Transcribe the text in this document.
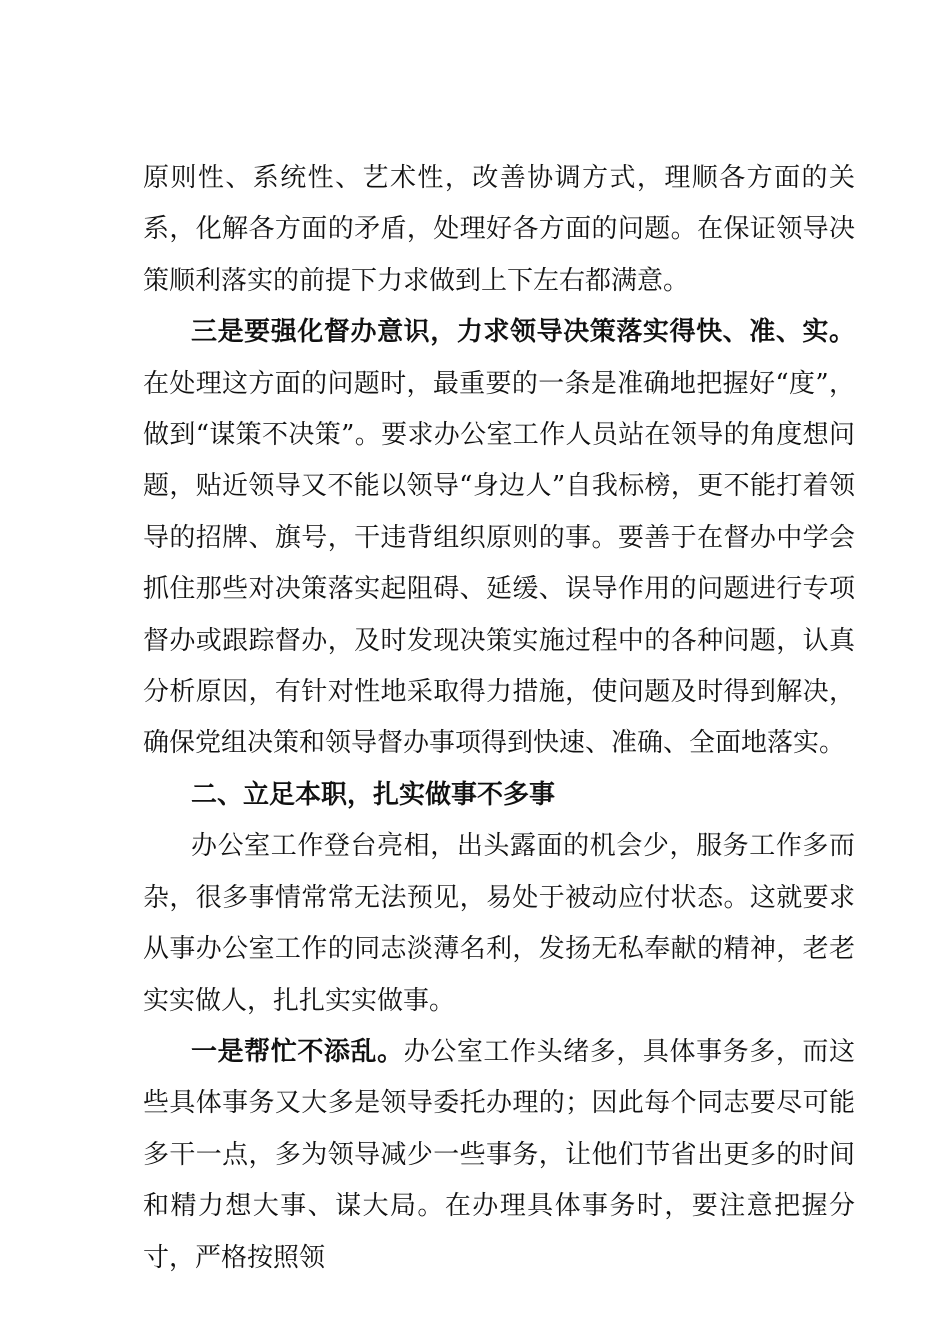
原则性、系统性、艺术性，改善协调方式，理顺各方面的关系，化解各方面的矛盾，处理好各方面的问题。在保证领导决策顺利落实的前提下力求做到上下左右都满意。

三是要强化督办意识，力求领导决策落实得快、准、实。在处理这方面的问题时，最重要的一条是准确地把握好“度”，做到“谋策不决策”。要求办公室工作人员站在领导的角度想问题，贴近领导又不能以领导“身边人”自我标榜，更不能打着领导的招牌、旗号，干违背组织原则的事。要善于在督办中学会抓住那些对决策落实起阻碍、延缓、误导作用的问题进行专项督办或跟踪督办，及时发现决策实施过程中的各种问题，认真分析原因，有针对性地采取得力措施，使问题及时得到解决，确保党组决策和领导督办事项得到快速、准确、全面地落实。

二、立足本职，扎实做事不多事

办公室工作登台亮相，出头露面的机会少，服务工作多而杂，很多事情常常无法预见，易处于被动应付状态。这就要求从事办公室工作的同志淡薄名利，发扬无私奉献的精神，老老实实做人，扎扎实实做事。

一是帮忙不添乱。办公室工作头绪多，具体事务多，而这些具体事务又大多是领导委托办理的；因此每个同志要尽可能多干一点，多为领导减少一些事务，让他们节省出更多的时间和精力想大事、谋大局。在办理具体事务时，要注意把握分寸，严格按照领
